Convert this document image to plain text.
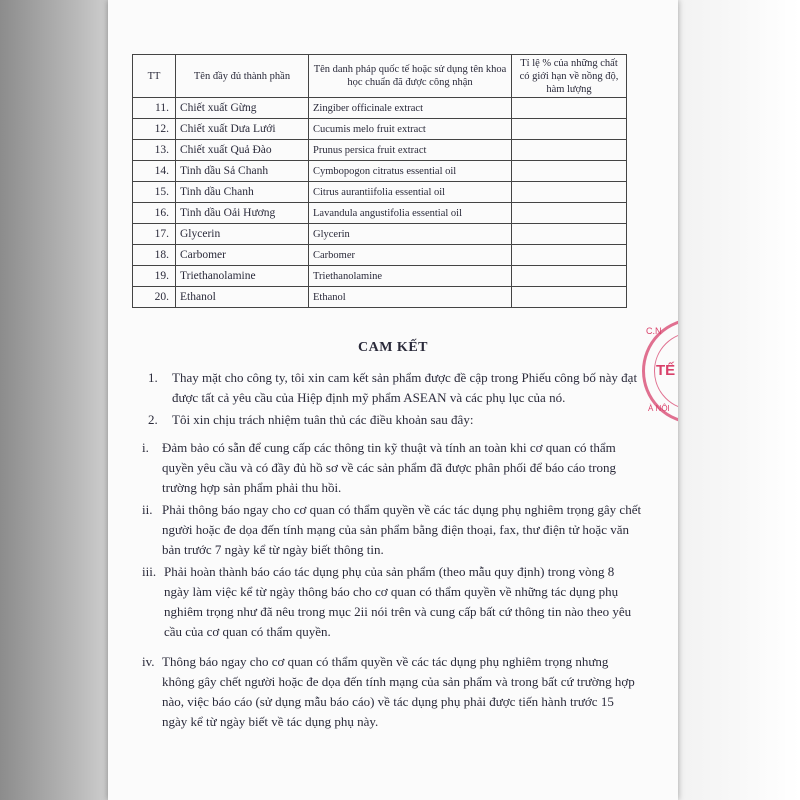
TT	Tên đầy đủ thành phần	Tên danh pháp quốc tế hoặc sử dụng tên khoa học chuẩn đã được công nhận	Tỉ lệ % của những chất có giới hạn về nồng độ, hàm lượng
11.	Chiết xuất Gừng	Zingiber officinale extract	
12.	Chiết xuất Dưa Lưới	Cucumis melo fruit extract	
13.	Chiết xuất Quả Đào	Prunus persica fruit extract	
14.	Tinh dầu Sả Chanh	Cymbopogon citratus essential oil	
15.	Tinh dầu Chanh	Citrus aurantiifolia essential oil	
16.	Tinh dầu Oải Hương	Lavandula angustifolia essential oil	
17.	Glycerin	Glycerin	
18.	Carbomer	Carbomer	
19.	Triethanolamine	Triethanolamine	
20.	Ethanol	Ethanol	
CAM KẾT
1. Thay mặt cho công ty, tôi xin cam kết sản phẩm được đề cập trong Phiếu công bố này đạt được tất cả yêu cầu của Hiệp định mỹ phẩm ASEAN và các phụ lục của nó.
2. Tôi xin chịu trách nhiệm tuân thủ các điều khoản sau đây:
i. Đảm bảo có sẵn để cung cấp các thông tin kỹ thuật và tính an toàn khi cơ quan có thẩm quyền yêu cầu và có đầy đủ hồ sơ về các sản phẩm đã được phân phối để báo cáo trong trường hợp sản phẩm phải thu hồi.
ii. Phải thông báo ngay cho cơ quan có thẩm quyền về các tác dụng phụ nghiêm trọng gây chết người hoặc đe dọa đến tính mạng của sản phẩm bằng điện thoại, fax, thư điện tử hoặc văn bản trước 7 ngày kể từ ngày biết thông tin.
iii. Phải hoàn thành báo cáo tác dụng phụ của sản phẩm (theo mẫu quy định) trong vòng 8 ngày làm việc kể từ ngày thông báo cho cơ quan có thẩm quyền về những tác dụng phụ nghiêm trọng như đã nêu trong mục 2ii nói trên và cung cấp bất cứ thông tin nào theo yêu cầu của cơ quan có thẩm quyền.
iv. Thông báo ngay cho cơ quan có thẩm quyền về các tác dụng phụ nghiêm trọng nhưng không gây chết người hoặc đe dọa đến tính mạng của sản phẩm và trong bất cứ trường hợp nào, việc báo cáo (sử dụng mẫu báo cáo) về tác dụng phụ phải được tiến hành trước 15 ngày kể từ ngày biết về tác dụng phụ này.
C.N
TẾ
À NỘI
